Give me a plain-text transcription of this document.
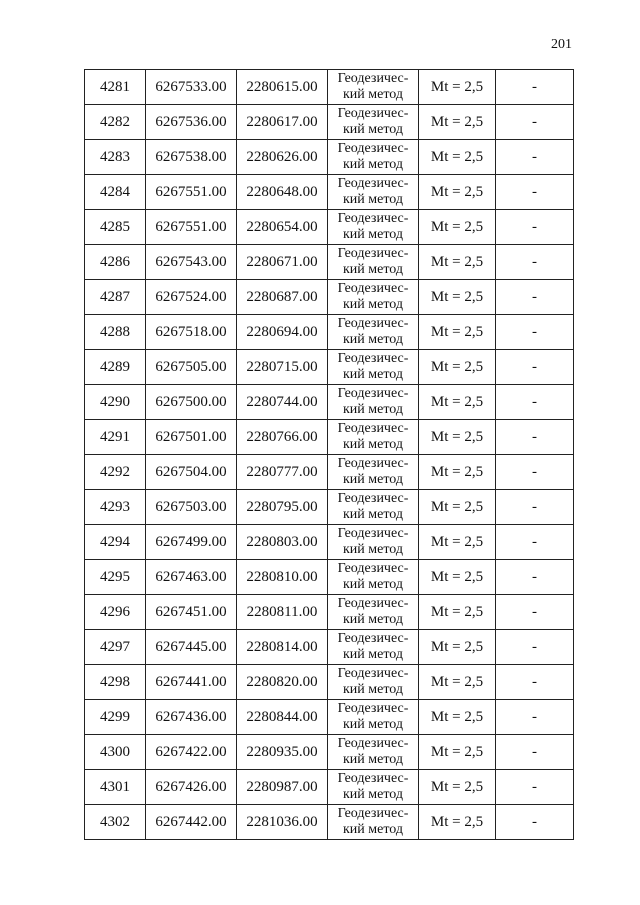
201
4281	6267533.00	2280615.00	Геодезичес-
кий метод	Mt = 2,5	-
4282	6267536.00	2280617.00	Геодезичес-
кий метод	Mt = 2,5	-
4283	6267538.00	2280626.00	Геодезичес-
кий метод	Mt = 2,5	-
4284	6267551.00	2280648.00	Геодезичес-
кий метод	Mt = 2,5	-
4285	6267551.00	2280654.00	Геодезичес-
кий метод	Mt = 2,5	-
4286	6267543.00	2280671.00	Геодезичес-
кий метод	Mt = 2,5	-
4287	6267524.00	2280687.00	Геодезичес-
кий метод	Mt = 2,5	-
4288	6267518.00	2280694.00	Геодезичес-
кий метод	Mt = 2,5	-
4289	6267505.00	2280715.00	Геодезичес-
кий метод	Mt = 2,5	-
4290	6267500.00	2280744.00	Геодезичес-
кий метод	Mt = 2,5	-
4291	6267501.00	2280766.00	Геодезичес-
кий метод	Mt = 2,5	-
4292	6267504.00	2280777.00	Геодезичес-
кий метод	Mt = 2,5	-
4293	6267503.00	2280795.00	Геодезичес-
кий метод	Mt = 2,5	-
4294	6267499.00	2280803.00	Геодезичес-
кий метод	Mt = 2,5	-
4295	6267463.00	2280810.00	Геодезичес-
кий метод	Mt = 2,5	-
4296	6267451.00	2280811.00	Геодезичес-
кий метод	Mt = 2,5	-
4297	6267445.00	2280814.00	Геодезичес-
кий метод	Mt = 2,5	-
4298	6267441.00	2280820.00	Геодезичес-
кий метод	Mt = 2,5	-
4299	6267436.00	2280844.00	Геодезичес-
кий метод	Mt = 2,5	-
4300	6267422.00	2280935.00	Геодезичес-
кий метод	Mt = 2,5	-
4301	6267426.00	2280987.00	Геодезичес-
кий метод	Mt = 2,5	-
4302	6267442.00	2281036.00	Геодезичес-
кий метод	Mt = 2,5	-
